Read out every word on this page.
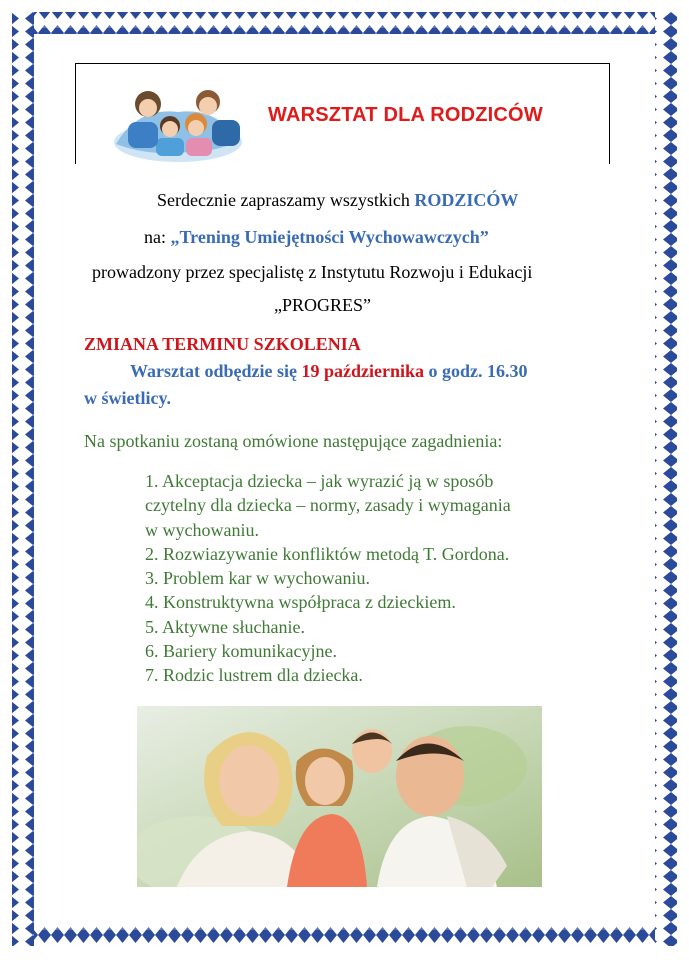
WARSZTAT DLA RODZICÓW
Serdecznie zapraszamy wszystkich RODZICÓW
na: „Trening Umiejętności Wychowawczych”
prowadzony przez specjalistę z Instytutu Rozwoju i Edukacji
„PROGRES”
ZMIANA TERMINU SZKOLENIA
Warsztat odbędzie się 19 października o godz. 16.30
w świetlicy.
Na spotkaniu zostaną omówione następujące zagadnienia:
1. Akceptacja dziecka – jak wyrazić ją w sposób
czytelny dla dziecka – normy, zasady i wymagania
w wychowaniu.
2. Rozwiazywanie konfliktów metodą T. Gordona.
3. Problem kar w wychowaniu.
4. Konstruktywna współpraca z dzieckiem.
5. Aktywne słuchanie.
6. Bariery komunikacyjne.
7. Rodzic lustrem dla dziecka.
